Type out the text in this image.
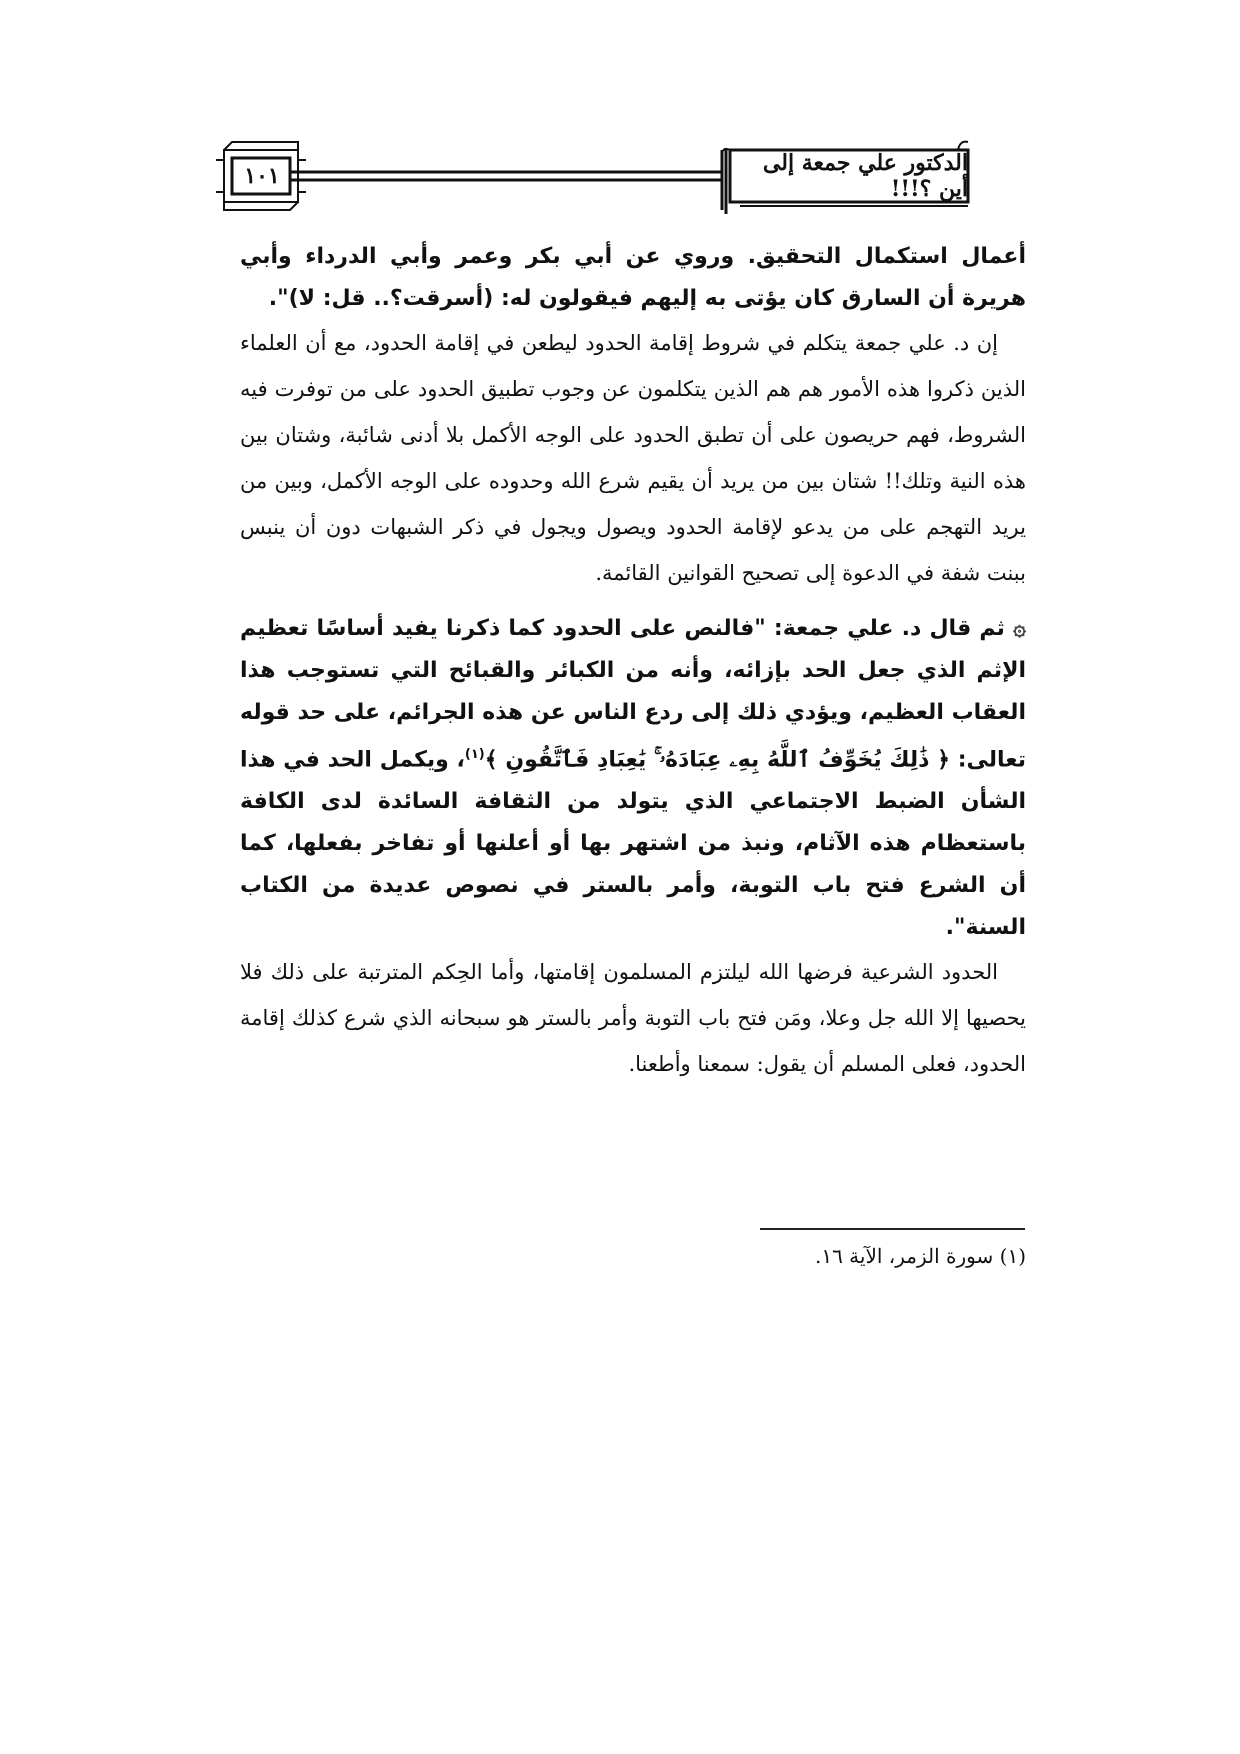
الدكتور علي جمعة إلى أين ؟!!!
١٠١

أعمال استكمال التحقيق. وروي عن أبي بكر وعمر وأبي الدرداء وأبي هريرة أن السارق كان يؤتى به إليهم فيقولون له: (أسرقت؟.. قل: لا)".

إن د. علي جمعة يتكلم في شروط إقامة الحدود ليطعن في إقامة الحدود، مع أن العلماء الذين ذكروا هذه الأمور هم هم الذين يتكلمون عن وجوب تطبيق الحدود على من توفرت فيه الشروط، فهم حريصون على أن تطبق الحدود على الوجه الأكمل بلا أدنى شائبة، وشتان بين هذه النية وتلك!! شتان بين من يريد أن يقيم شرع الله وحدوده على الوجه الأكمل، وبين من يريد التهجم على من يدعو لإقامة الحدود ويصول ويجول في ذكر الشبهات دون أن ينبس ببنت شفة في الدعوة إلى تصحيح القوانين القائمة.

۞ ثم قال د. علي جمعة: "فالنص على الحدود كما ذكرنا يفيد أساسًا تعظيم الإثم الذي جعل الحد بإزائه، وأنه من الكبائر والقبائح التي تستوجب هذا العقاب العظيم، ويؤدي ذلك إلى ردع الناس عن هذه الجرائم، على حد قوله تعالى: ﴿ ذَٰلِكَ يُخَوِّفُ ٱللَّهُ بِهِۦ عِبَادَهُۥ ۚ يَٰعِبَادِ فَٱتَّقُونِ ﴾$^{(١)}$، ويكمل الحد في هذا الشأن الضبط الاجتماعي الذي يتولد من الثقافة السائدة لدى الكافة باستعظام هذه الآثام، ونبذ من اشتهر بها أو أعلنها أو تفاخر بفعلها، كما أن الشرع فتح باب التوبة، وأمر بالستر في نصوص عديدة من الكتاب السنة".

الحدود الشرعية فرضها الله ليلتزم المسلمون إقامتها، وأما الحِكم المترتبة على ذلك فلا يحصيها إلا الله جل وعلا، ومَن فتح باب التوبة وأمر بالستر هو سبحانه الذي شرع كذلك إقامة الحدود، فعلى المسلم أن يقول: سمعنا وأطعنا.

(١) سورة الزمر، الآية ١٦.
